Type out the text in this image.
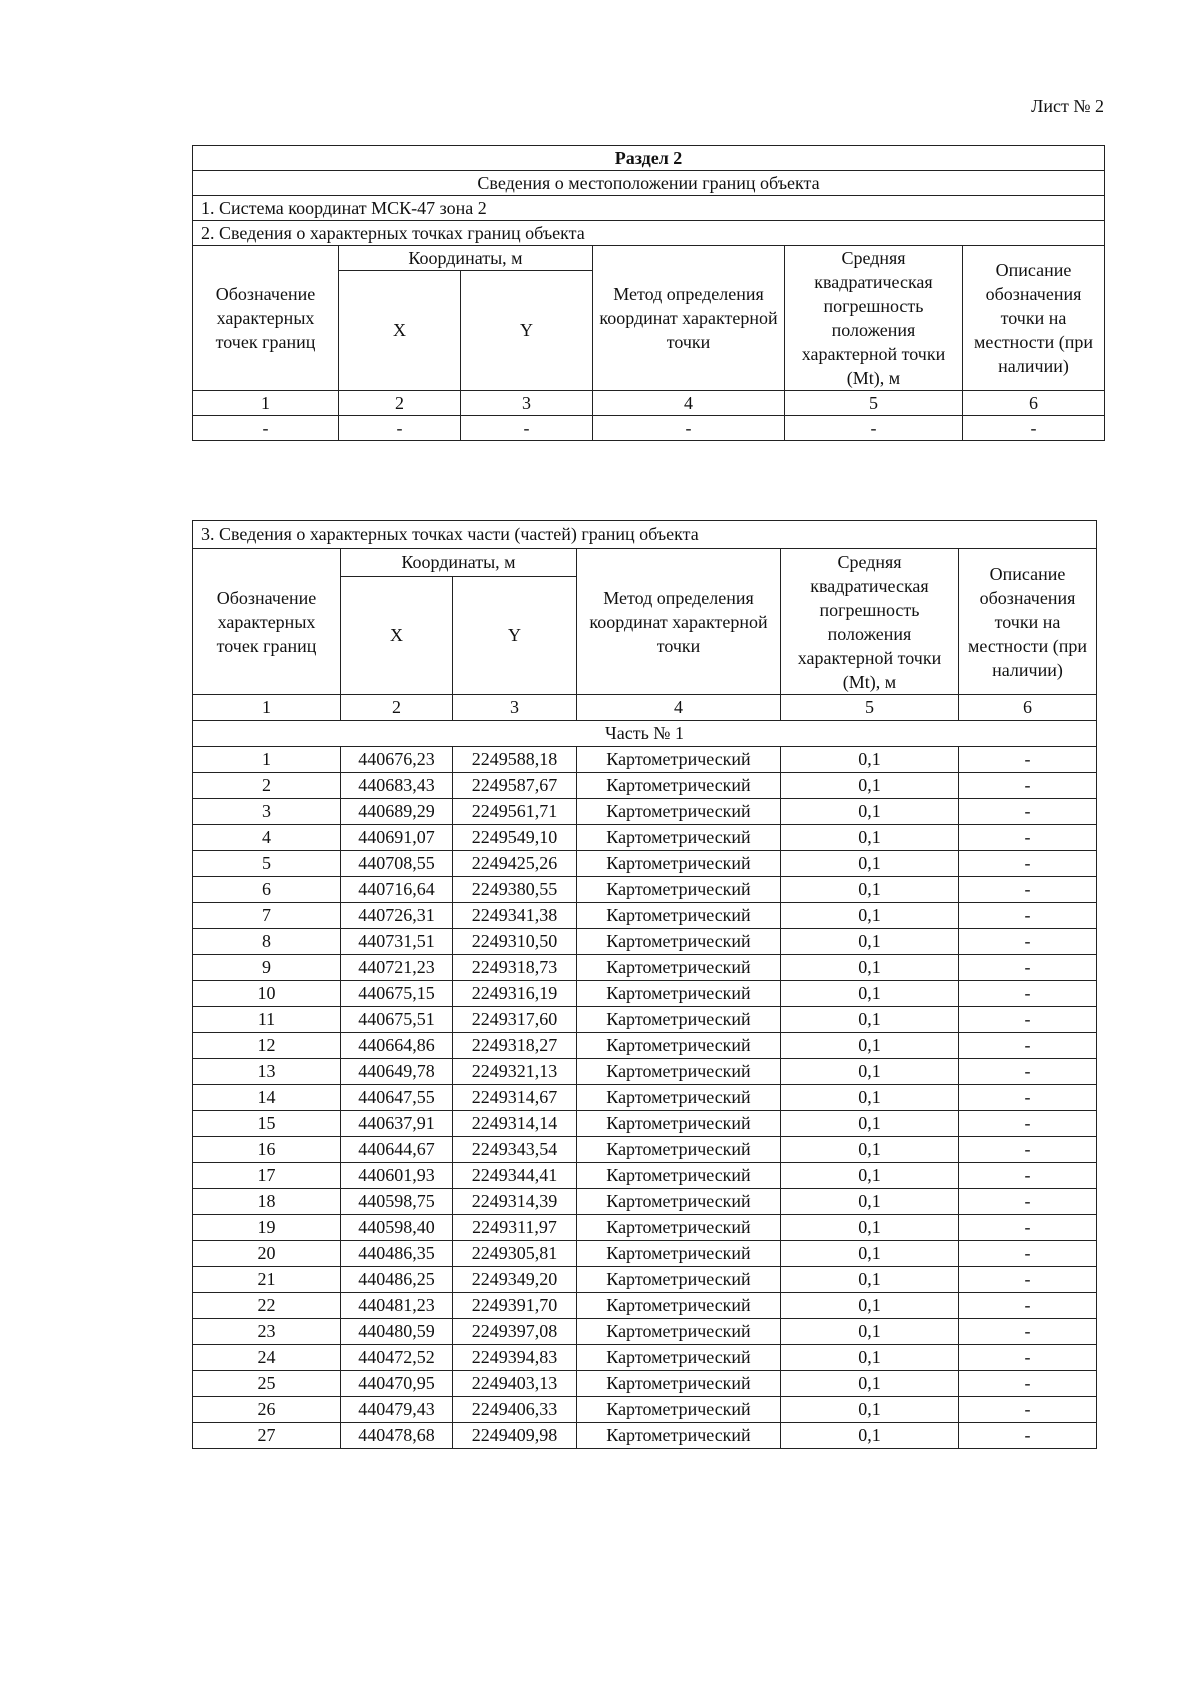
Лист № 2
Раздел 2					
Сведения о местоположении границ объекта					
1. Система координат МСК-47 зона 2					
2. Сведения о характерных точках границ объекта					
Обозначение характерных точек границ	Координаты, м		Метод определения координат характерной точки	Средняя квадратическая погрешность положения характерной точки (Mt), м	Описание обозначения точки на местности (при наличии)
	X	Y			
1	2	3	4	5	6
-	-	-	-	-	-
3. Сведения о характерных точках части (частей) границ объекта					
Обозначение характерных точек границ	Координаты, м		Метод определения координат характерной точки	Средняя квадратическая погрешность положения характерной точки (Mt), м	Описание обозначения точки на местности (при наличии)
	X	Y			
1	2	3	4	5	6
Часть № 1					
1	440676,23	2249588,18	Картометрический	0,1	-
2	440683,43	2249587,67	Картометрический	0,1	-
3	440689,29	2249561,71	Картометрический	0,1	-
4	440691,07	2249549,10	Картометрический	0,1	-
5	440708,55	2249425,26	Картометрический	0,1	-
6	440716,64	2249380,55	Картометрический	0,1	-
7	440726,31	2249341,38	Картометрический	0,1	-
8	440731,51	2249310,50	Картометрический	0,1	-
9	440721,23	2249318,73	Картометрический	0,1	-
10	440675,15	2249316,19	Картометрический	0,1	-
11	440675,51	2249317,60	Картометрический	0,1	-
12	440664,86	2249318,27	Картометрический	0,1	-
13	440649,78	2249321,13	Картометрический	0,1	-
14	440647,55	2249314,67	Картометрический	0,1	-
15	440637,91	2249314,14	Картометрический	0,1	-
16	440644,67	2249343,54	Картометрический	0,1	-
17	440601,93	2249344,41	Картометрический	0,1	-
18	440598,75	2249314,39	Картометрический	0,1	-
19	440598,40	2249311,97	Картометрический	0,1	-
20	440486,35	2249305,81	Картометрический	0,1	-
21	440486,25	2249349,20	Картометрический	0,1	-
22	440481,23	2249391,70	Картометрический	0,1	-
23	440480,59	2249397,08	Картометрический	0,1	-
24	440472,52	2249394,83	Картометрический	0,1	-
25	440470,95	2249403,13	Картометрический	0,1	-
26	440479,43	2249406,33	Картометрический	0,1	-
27	440478,68	2249409,98	Картометрический	0,1	-
